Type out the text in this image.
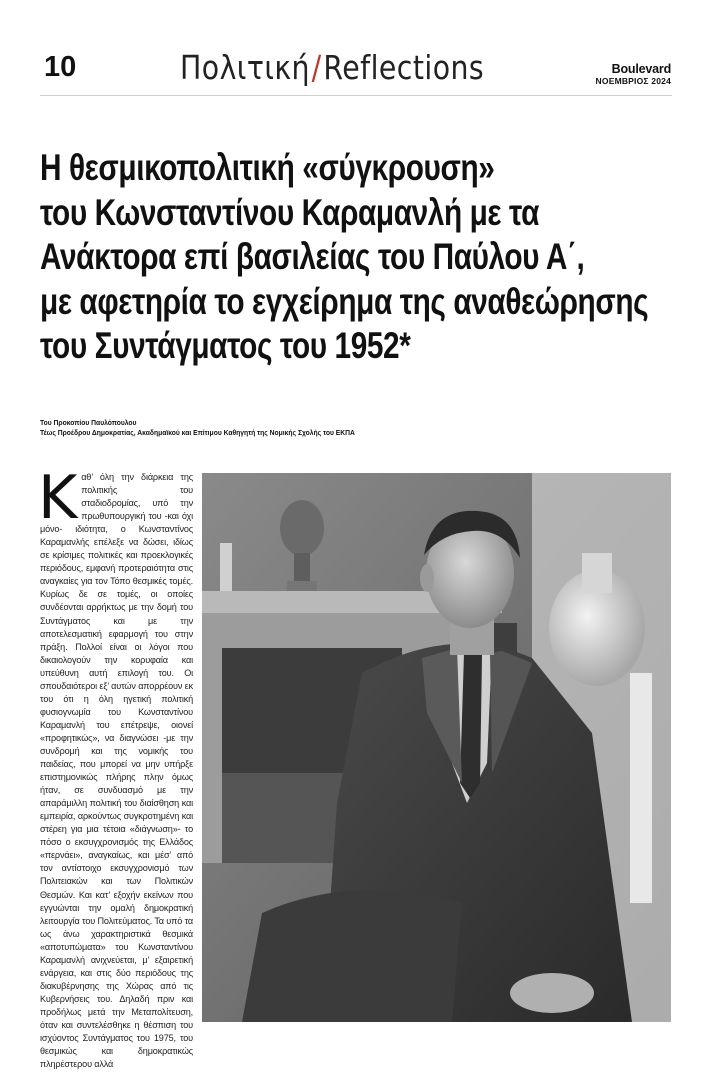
10	Πολιτική/Reflections	Boulevard
ΝΟΕΜΒΡΙΟΣ 2024
Η θεσμικοπολιτική «σύγκρουση»
του Κωνσταντίνου Καραμανλή με τα
Ανάκτορα επί βασιλείας του Παύλου Α΄,
με αφετηρία το εγχείρημα της αναθεώρησης
του Συντάγματος του 1952*
Του Προκοπίου Παυλόπουλου
Τέως Προέδρου Δημοκρατίας, Ακαδημαϊκού και Επίτιμου Καθηγητή της Νομικής Σχολής του ΕΚΠΑ
Καθ’ όλη την διάρκεια της πολιτικής του σταδιοδρομίας, υπό την πρωθυπουργική του -και όχι μόνο- ιδιότητα, ο Κωνσταντίνος Καραμανλής επέλεξε να δώσει, ιδίως σε κρίσιμες πολιτικές και προεκλογικές περιόδους, εμφανή προτεραιότητα στις αναγκαίες για τον Τόπο θεσμικές τομές. Κυρίως δε σε τομές, οι οποίες συνδέονται αρρήκτως με την δομή του Συντάγματος και με την αποτελεσματική εφαρμογή του στην πράξη. Πολλοί είναι οι λόγοι που δικαιολογούν την κορυφαία και υπεύθυνη αυτή επιλογή του. Οι σπουδαιότεροι εξ’ αυτών απορρέουν εκ του ότι η όλη ηγετική πολιτική φυσιογνωμία του Κωνσταντίνου Καραμανλή του επέτρεψε, οιονεί «προφητικώς», να διαγνώσει -με την συνδρομή και της νομικής του παιδείας, που μπορεί να μην υπήρξε επιστημονικώς πλήρης πλην όμως ήταν, σε συνδυασμό με την απαράμιλλη πολιτική του διαίσθηση και εμπειρία, αρκούντως συγκροτημένη και στέρεη για μια τέτοια «διάγνωση»- το πόσο ο εκσυγχρονισμός της Ελλάδος «περνάει», αναγκαίως, και μέσ’ από τον αντίστοιχο εκσυγχρονισμό των Πολιτειακών και των Πολιτικών Θεσμών. Και κατ’ εξοχήν εκείνων που εγγυώνται την ομαλή δημοκρατική λειτουργία του Πολιτεύματος. Τα υπό τα ως άνω χαρακτηριστικά θεσμικά «αποτυπώματα» του Κωνσταντίνου Καραμανλή ανιχνεύεται, μ’ εξαιρετική ενάργεια, και στις δύο περιόδους της διακυβέρνησης της Χώρας από τις Κυβερνήσεις του. Δηλαδή πριν και προδήλως μετά την Μεταπολίτευση, όταν και συντελέσθηκε η θέσπιση του ισχύοντος Συντάγματος του 1975, του θεσμικώς και δημοκρατικώς πληρέστερου αλλά
